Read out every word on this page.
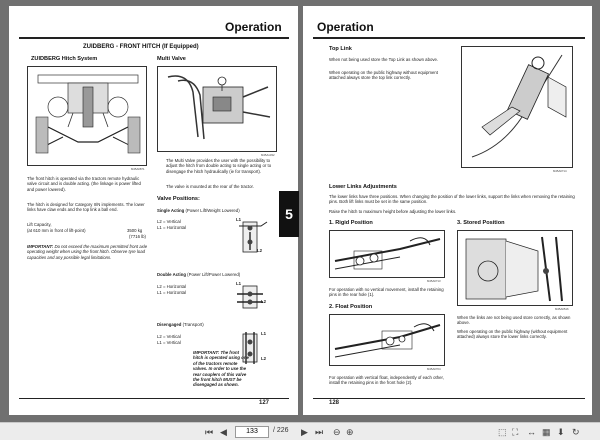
Operation
ZUIDBERG - FRONT HITCH (If Equipped)
ZUIDBERG Hitch System
M45A0871
The front hitch is operated via the tractors remote hydraulic valve circuit and is double acting. (the linkage is power lifted and power lowered).
The hitch is designed for Category II/N implements. The lower links have claw ends and the top link a ball end.
Lift Capacity,
(at 610 mm in front of lift-point)	3500 kg
(7716 lb)
IMPORTANT: Do not exceed the maximum permitted front axle operating weight when using the front hitch. Observe tyre load capacities and any possible legal limitations.
Multi Valve
M45A1332
The Multi Valve provides the user with the possibility to adjust the hitch from double acting to single acting or to disengage the hitch hydraulically (ie for transport).
The valve is mounted at the rear of the tractor.
Valve Positions:
Single Acting (Power Lift/Weight Lowered)
L2 = Vertical
L1 = Horizontal
L1
L2
Double Acting (Power Lift/Power Lowered)
L2 = Horizontal
L1 = Horizontal
L1
L2
Disengaged (Transport)
L2 = Vertical
L1 = Vertical
L1
L2
IMPORTANT: The front hitch is operated using one of the tractors remote valves. In order to use the rear couplers of this valve the front hitch MUST be disengaged as shown.
127
5
Operation
Top Link
When not being used store the Top Link as shown above.
When operating on the public highway without equipment attached always store the top link correctly.
M45A0714
Lower Links Adjustments
The lower links have three positions. When changing the position of the lower links, support the links when removing the retaining pins. Both lift links must be set in the same position.
Raise the hitch to maximum height before adjusting the lower links.
1. Rigid Position
M45A0713
For operation with no vertical movement, install the retaining pins in the rear hole (1).
2. Float Position
M45A0704
For operation with vertical float, independently of each other, install the retaining pins in the front hole (2).
3. Stored Position
M45A0516
When the links are not being used store correctly, as shown above.
When operating on the public highway (without equipment attached) always store the lower links correctly.
128
⏮ ◀	133	/ 226 ▶ ⏭ ⊖ ⊕	⬚ ⛶ ↔ ▦ ⬇ ↻
